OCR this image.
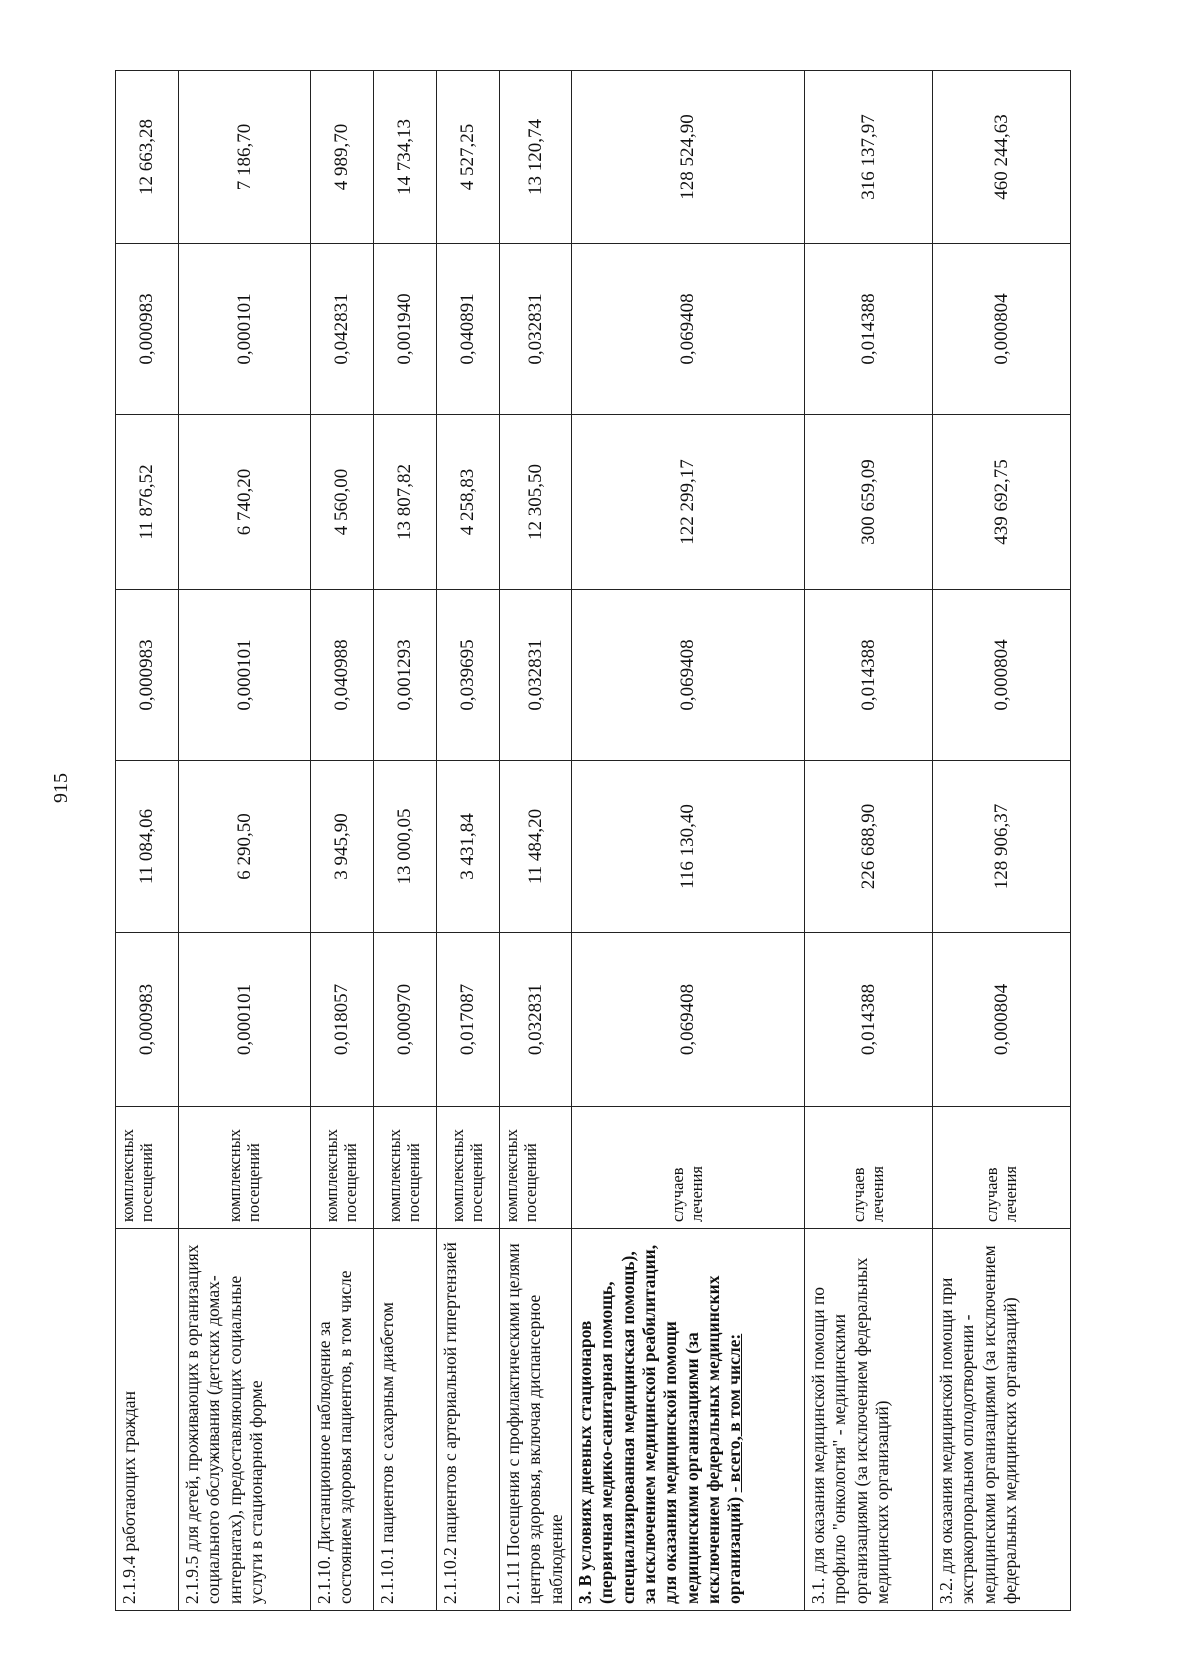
915
2.1.9.4 работающих граждан	комплексных посещений	0,000983	11 084,06	0,000983	11 876,52	0,000983	12 663,28
2.1.9.5 для детей, проживающих в организациях социального обслуживания (детских домах-интернатах), предоставляющих социальные услуги в стационарной форме	комплексных посещений	0,000101	6 290,50	0,000101	6 740,20	0,000101	7 186,70
2.1.10. Дистанционное наблюдение за состоянием здоровья пациентов, в том числе	комплексных посещений	0,018057	3 945,90	0,040988	4 560,00	0,042831	4 989,70
2.1.10.1 пациентов с сахарным диабетом	комплексных посещений	0,000970	13 000,05	0,001293	13 807,82	0,001940	14 734,13
2.1.10.2 пациентов с артериальной гипертензией	комплексных посещений	0,017087	3 431,84	0,039695	4 258,83	0,040891	4 527,25
2.1.11 Посещения с профилактическими целями центров здоровья, включая диспансерное наблюдение	комплексных посещений	0,032831	11 484,20	0,032831	12 305,50	0,032831	13 120,74
3. В условиях дневных стационаров (первичная медико-санитарная помощь, специализированная медицинская помощь), за исключением медицинской реабилитации, для оказания медицинской помощи медицинскими организациями (за исключением федеральных медицинских организаций) - всего, в том числе:	случаев лечения	0,069408	116 130,40	0,069408	122 299,17	0,069408	128 524,90
3.1. для оказания медицинской помощи по профилю "онкология" - медицинскими организациями (за исключением федеральных медицинских организаций)	случаев лечения	0,014388	226 688,90	0,014388	300 659,09	0,014388	316 137,97
3.2. для оказания медицинской помощи при экстракорпоральном оплодотворении - медицинскими организациями (за исключением федеральных медицинских организаций)	случаев лечения	0,000804	128 906,37	0,000804	439 692,75	0,000804	460 244,63
